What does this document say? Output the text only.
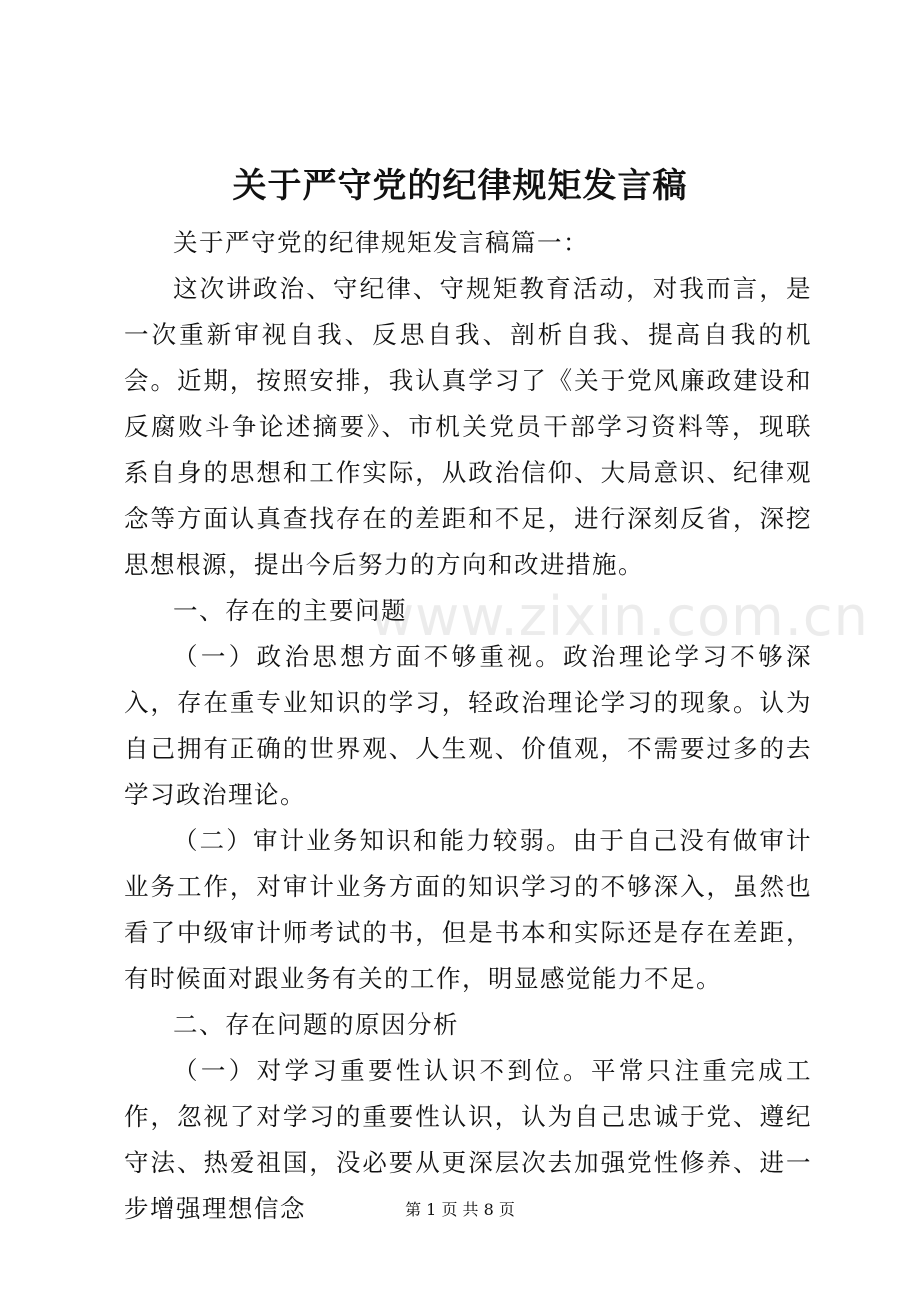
www.zixin.com.cn
关于严守党的纪律规矩发言稿

关于严守党的纪律规矩发言稿篇一：

这次讲政治、守纪律、守规矩教育活动，对我而言，是一次重新审视自我、反思自我、剖析自我、提高自我的机会。近期，按照安排，我认真学习了《关于党风廉政建设和反腐败斗争论述摘要》、市机关党员干部学习资料等，现联系自身的思想和工作实际，从政治信仰、大局意识、纪律观念等方面认真查找存在的差距和不足，进行深刻反省，深挖思想根源，提出今后努力的方向和改进措施。

一、存在的主要问题

（一）政治思想方面不够重视。政治理论学习不够深入，存在重专业知识的学习，轻政治理论学习的现象。认为自己拥有正确的世界观、人生观、价值观，不需要过多的去学习政治理论。

（二）审计业务知识和能力较弱。由于自己没有做审计业务工作，对审计业务方面的知识学习的不够深入，虽然也看了中级审计师考试的书，但是书本和实际还是存在差距，有时候面对跟业务有关的工作，明显感觉能力不足。

二、存在问题的原因分析

（一）对学习重要性认识不到位。平常只注重完成工作，忽视了对学习的重要性认识，认为自己忠诚于党、遵纪守法、热爱祖国，没必要从更深层次去加强党性修养、进一步增强理想信念	第 1 页 共 8 页
